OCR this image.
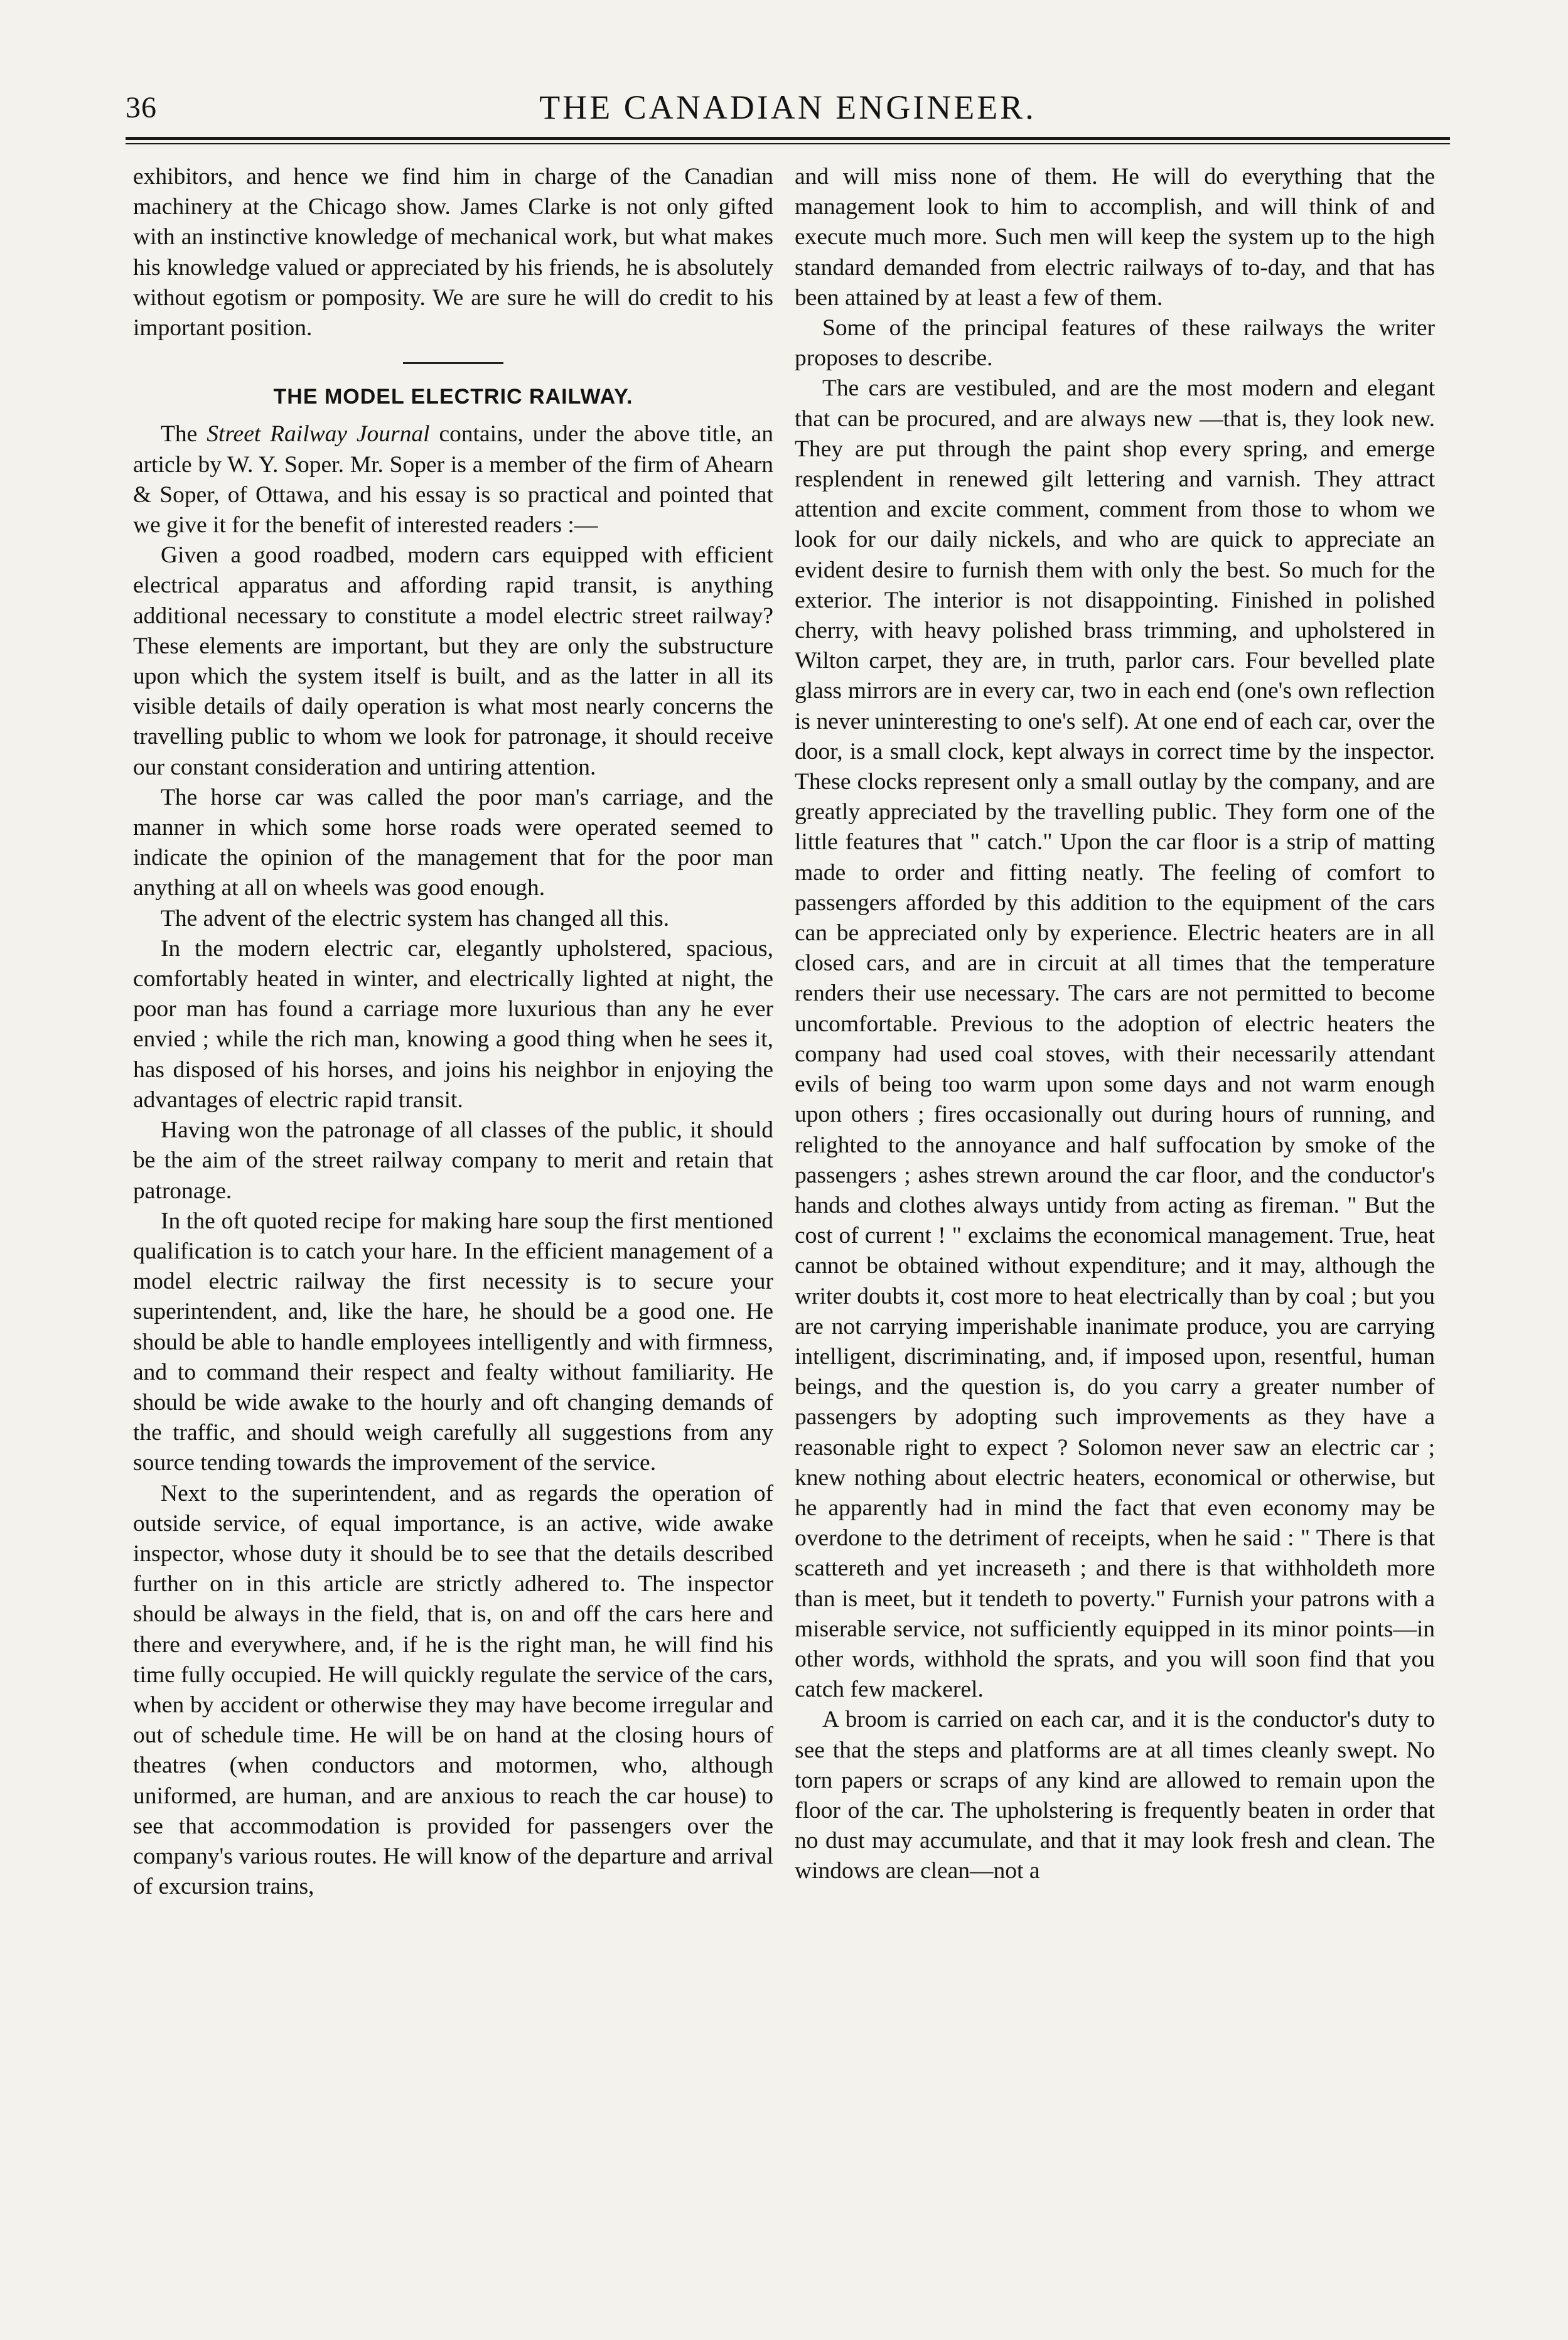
36	THE CANADIAN ENGINEER.

exhibitors, and hence we find him in charge of the Canadian machinery at the Chicago show. James Clarke is not only gifted with an instinctive knowledge of mechanical work, but what makes his knowledge valued or appreciated by his friends, he is absolutely without egotism or pomposity. We are sure he will do credit to his important position.

THE MODEL ELECTRIC RAILWAY.

The Street Railway Journal contains, under the above title, an article by W. Y. Soper. Mr. Soper is a member of the firm of Ahearn & Soper, of Ottawa, and his essay is so practical and pointed that we give it for the benefit of interested readers :—

Given a good roadbed, modern cars equipped with efficient electrical apparatus and affording rapid transit, is anything additional necessary to constitute a model electric street railway? These elements are important, but they are only the substructure upon which the system itself is built, and as the latter in all its visible details of daily operation is what most nearly concerns the travelling public to whom we look for patronage, it should receive our constant consideration and untiring attention.

The horse car was called the poor man's carriage, and the manner in which some horse roads were operated seemed to indicate the opinion of the management that for the poor man anything at all on wheels was good enough.

The advent of the electric system has changed all this.

In the modern electric car, elegantly upholstered, spacious, comfortably heated in winter, and electrically lighted at night, the poor man has found a carriage more luxurious than any he ever envied ; while the rich man, knowing a good thing when he sees it, has disposed of his horses, and joins his neighbor in enjoying the advantages of electric rapid transit.

Having won the patronage of all classes of the public, it should be the aim of the street railway company to merit and retain that patronage.

In the oft quoted recipe for making hare soup the first mentioned qualification is to catch your hare. In the efficient management of a model electric railway the first necessity is to secure your superintendent, and, like the hare, he should be a good one. He should be able to handle employees intelligently and with firmness, and to command their respect and fealty without familiarity. He should be wide awake to the hourly and oft changing demands of the traffic, and should weigh carefully all suggestions from any source tending towards the improvement of the service.

Next to the superintendent, and as regards the operation of outside service, of equal importance, is an active, wide awake inspector, whose duty it should be to see that the details described further on in this article are strictly adhered to. The inspector should be always in the field, that is, on and off the cars here and there and everywhere, and, if he is the right man, he will find his time fully occupied. He will quickly regulate the service of the cars, when by accident or otherwise they may have become irregular and out of schedule time. He will be on hand at the closing hours of theatres (when conductors and motormen, who, although uniformed, are human, and are anxious to reach the car house) to see that accommodation is provided for passengers over the company's various routes. He will know of the departure and arrival of excursion trains,

and will miss none of them. He will do everything that the management look to him to accomplish, and will think of and execute much more. Such men will keep the system up to the high standard demanded from electric railways of to-day, and that has been attained by at least a few of them.

Some of the principal features of these railways the writer proposes to describe.

The cars are vestibuled, and are the most modern and elegant that can be procured, and are always new —that is, they look new. They are put through the paint shop every spring, and emerge resplendent in renewed gilt lettering and varnish. They attract attention and excite comment, comment from those to whom we look for our daily nickels, and who are quick to appreciate an evident desire to furnish them with only the best. So much for the exterior. The interior is not disappointing. Finished in polished cherry, with heavy polished brass trimming, and upholstered in Wilton carpet, they are, in truth, parlor cars. Four bevelled plate glass mirrors are in every car, two in each end (one's own reflection is never uninteresting to one's self). At one end of each car, over the door, is a small clock, kept always in correct time by the inspector. These clocks represent only a small outlay by the company, and are greatly appreciated by the travelling public. They form one of the little features that " catch." Upon the car floor is a strip of matting made to order and fitting neatly. The feeling of comfort to passengers afforded by this addition to the equipment of the cars can be appreciated only by experience. Electric heaters are in all closed cars, and are in circuit at all times that the temperature renders their use necessary. The cars are not permitted to become uncomfortable. Previous to the adoption of electric heaters the company had used coal stoves, with their necessarily attendant evils of being too warm upon some days and not warm enough upon others ; fires occasionally out during hours of running, and relighted to the annoyance and half suffocation by smoke of the passengers ; ashes strewn around the car floor, and the conductor's hands and clothes always untidy from acting as fireman. " But the cost of current ! " exclaims the economical management. True, heat cannot be obtained without expenditure; and it may, although the writer doubts it, cost more to heat electrically than by coal ; but you are not carrying imperishable inanimate produce, you are carrying intelligent, discriminating, and, if imposed upon, resentful, human beings, and the question is, do you carry a greater number of passengers by adopting such improvements as they have a reasonable right to expect ? Solomon never saw an electric car ; knew nothing about electric heaters, economical or otherwise, but he apparently had in mind the fact that even economy may be overdone to the detriment of receipts, when he said : " There is that scattereth and yet increaseth ; and there is that withholdeth more than is meet, but it tendeth to poverty." Furnish your patrons with a miserable service, not sufficiently equipped in its minor points—in other words, withhold the sprats, and you will soon find that you catch few mackerel.

A broom is carried on each car, and it is the conductor's duty to see that the steps and platforms are at all times cleanly swept. No torn papers or scraps of any kind are allowed to remain upon the floor of the car. The upholstering is frequently beaten in order that no dust may accumulate, and that it may look fresh and clean. The windows are clean—not a
